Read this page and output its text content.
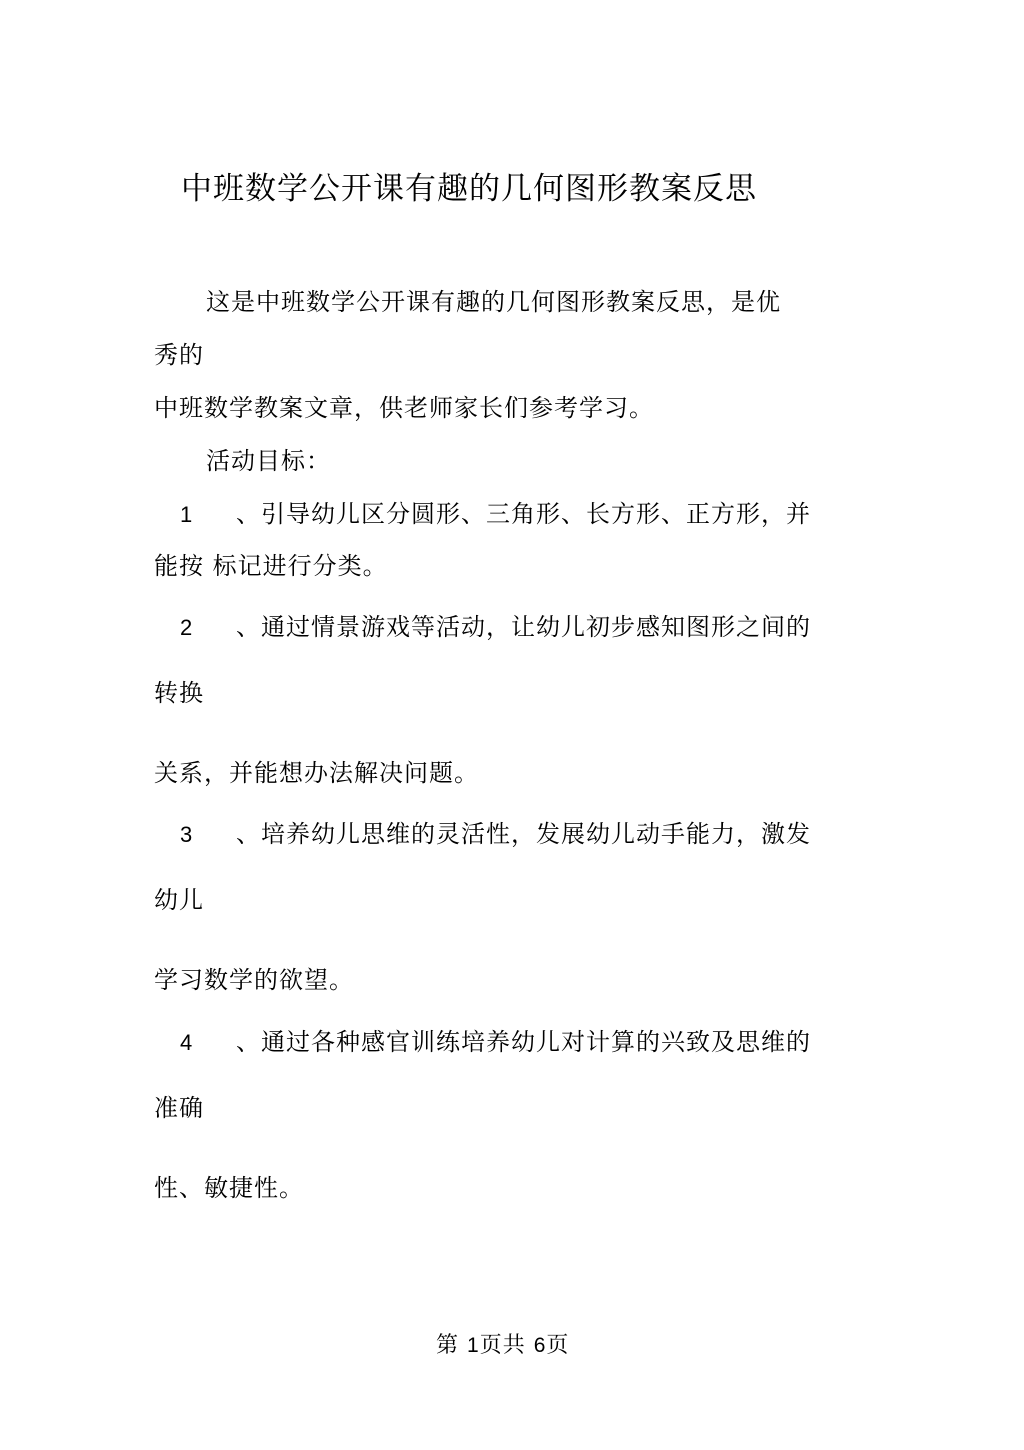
中班数学公开课有趣的几何图形教案反思
这是中班数学公开课有趣的几何图形教案反思，是优
秀的
中班数学教案文章，供老师家长们参考学习。
活动目标：
1 、引导幼儿区分圆形、三角形、长方形、正方形，并
能按 标记进行分类。
2 、通过情景游戏等活动，让幼儿初步感知图形之间的
转换
关系，并能想办法解决问题。
3 、培养幼儿思维的灵活性，发展幼儿动手能力，激发
幼儿
学习数学的欲望。
4 、通过各种感官训练培养幼儿对计算的兴致及思维的
准确
性、敏捷性。
第 1页共 6页
